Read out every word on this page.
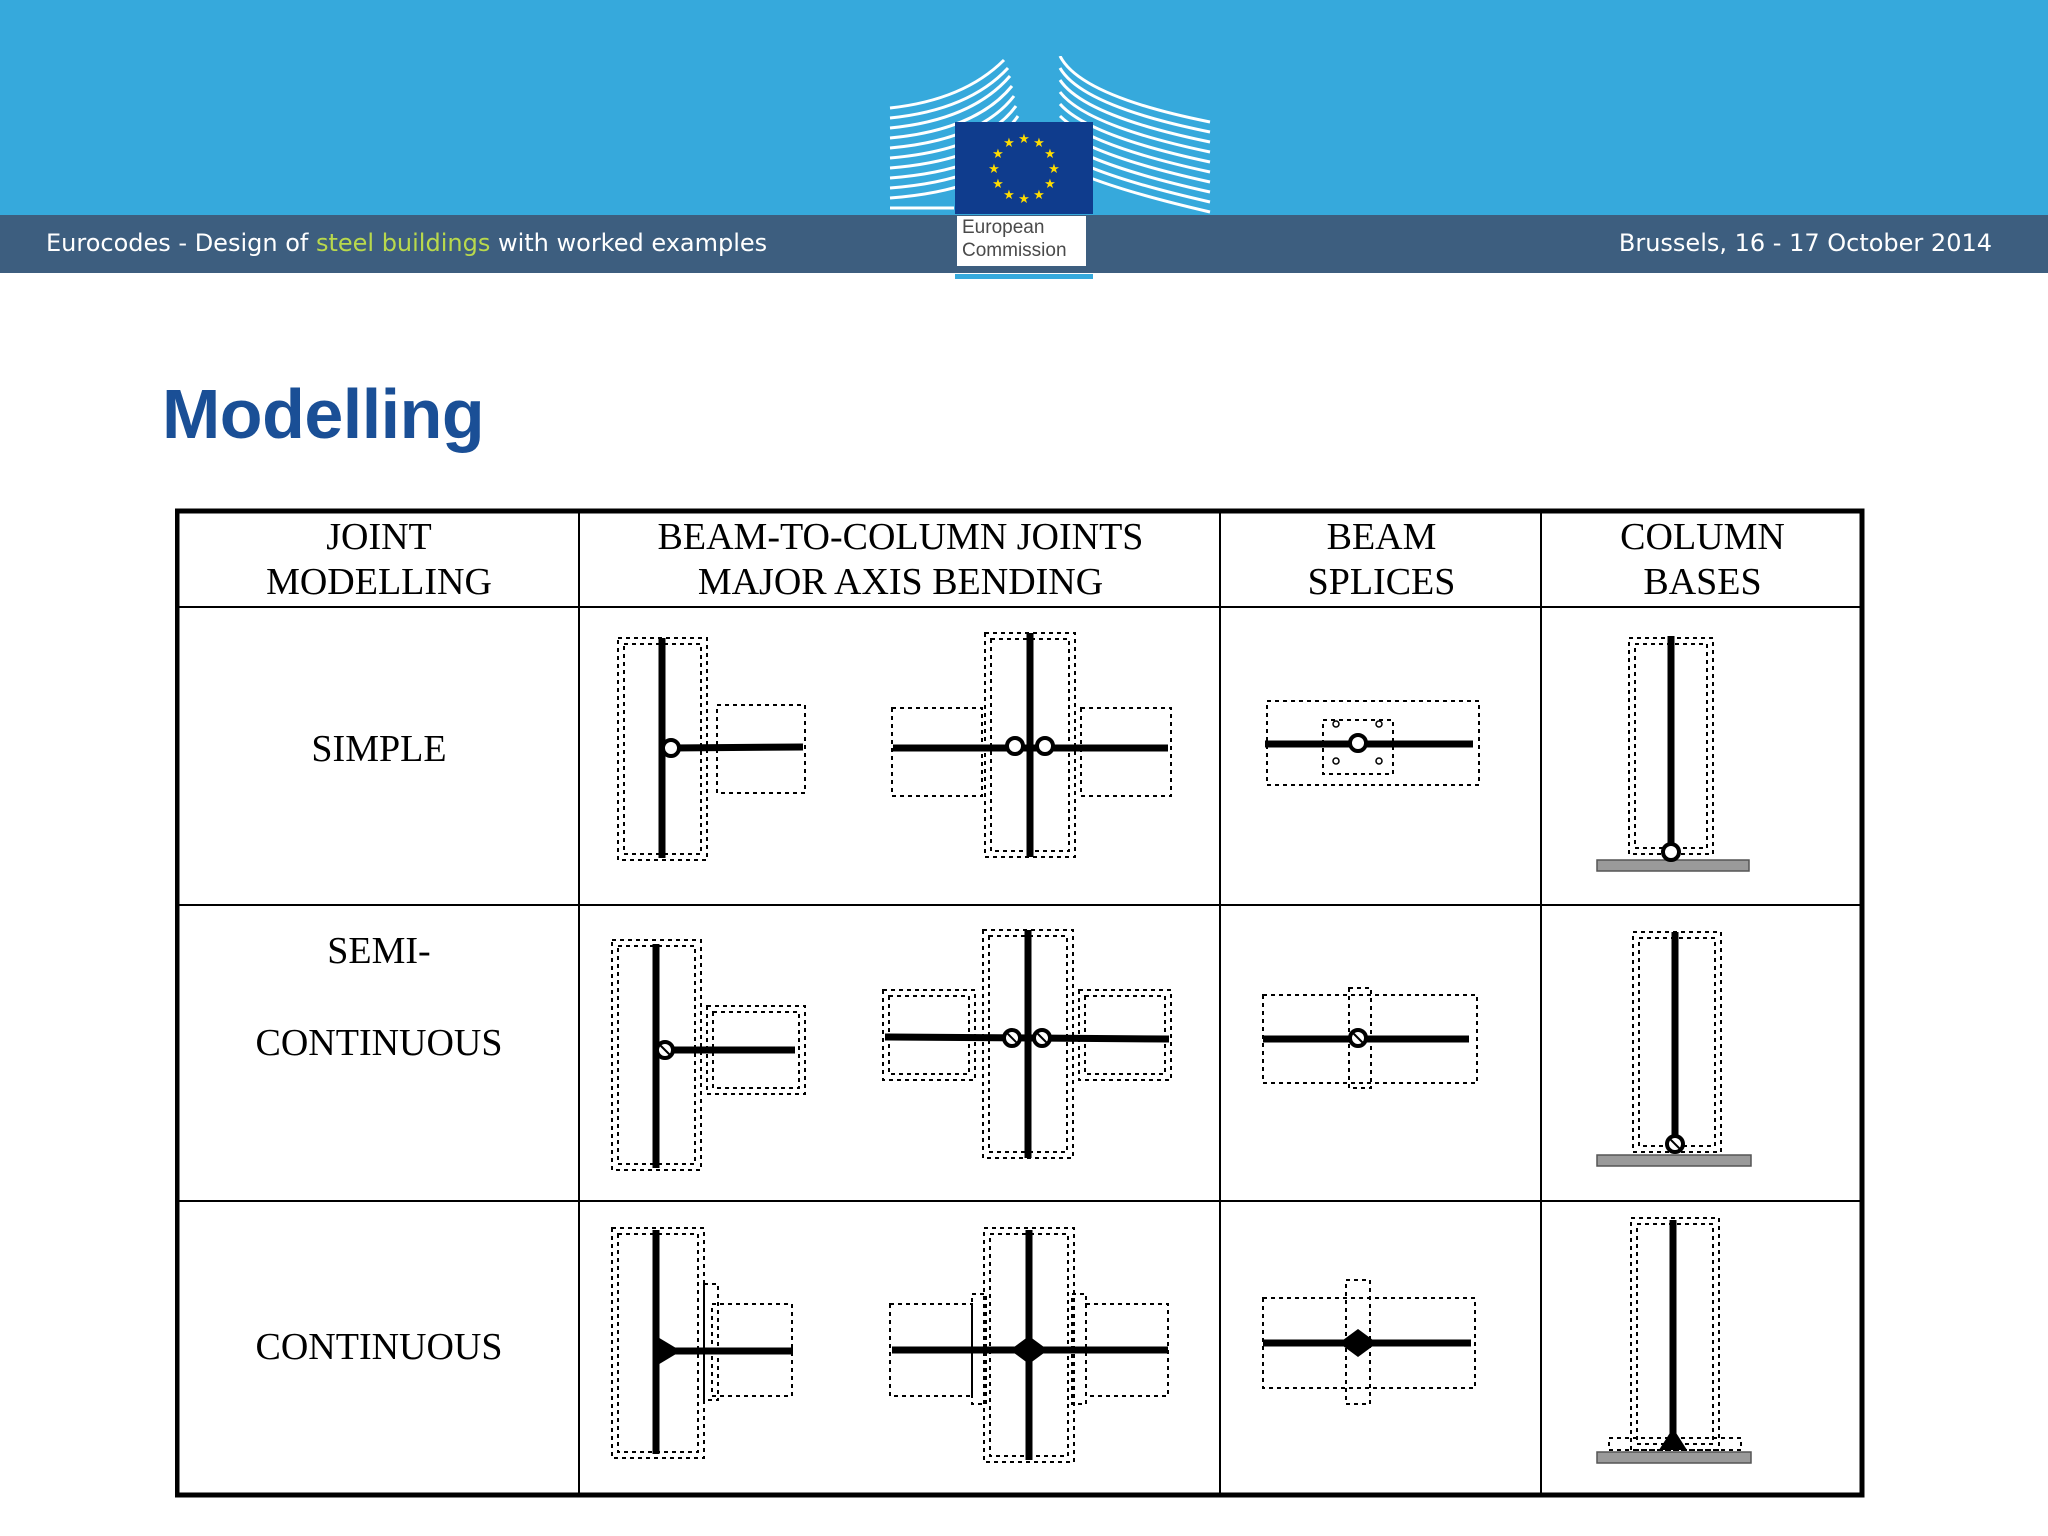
★ ★
★
★
★
★
★
★
★
★
★
★
Eurocodes - Design of steel buildings with worked examples	Brussels, 16 - 17 October 2014
European
Commission
Modelling
JOINT
MODELLING
BEAM-TO-COLUMN JOINTS
MAJOR AXIS BENDING
BEAM
SPLICES
COLUMN
BASES
SIMPLE
SEMI-
CONTINUOUS
CONTINUOUS
